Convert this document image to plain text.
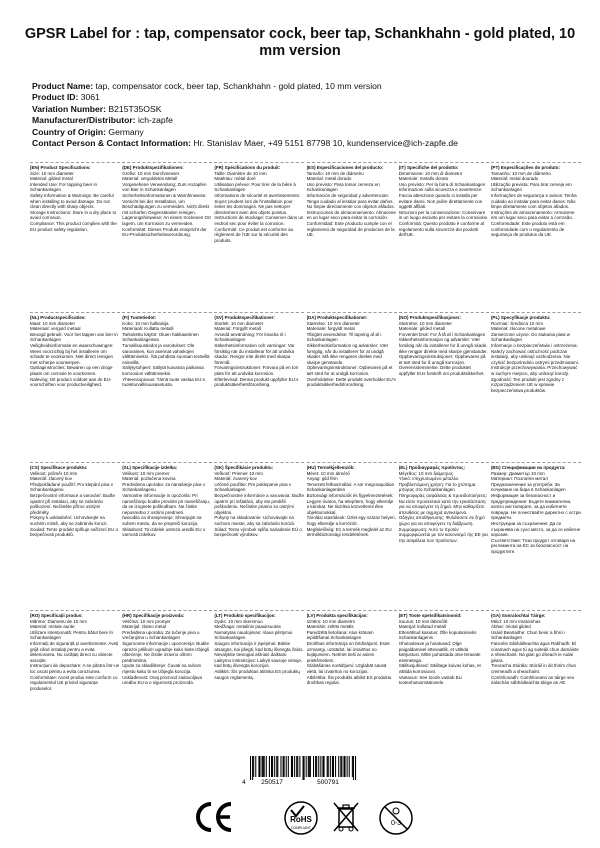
GPSR Label for : tap, compensator cock, beer tap, Schankhahn - gold plated, 10 mm version
Product Name: tap, compensator cock, beer tap, Schankhahn - gold plated, 10 mm version
Product ID: 3061
Variation Number: B215T35OSK
Manufacturer/Distributor: ich-zapfe
Country of Origin: Germany
Contact Person & Contact Information: Hr. Stanislav Maer, +49 5151 87798 10, kundenservice@ich-zapfe.de

(EN) Product Specifications:

Size: 10 mm diameter
Material: gilded metal
Intended Use: For tapping beer in Schankanlagen
Safety Information & Warnings: Be careful when installing to avoid damage. Do not clean directly with sharp objects.
Storage Instructions: Store in a dry place to avoid corrosion.
Compliance: This product complies with the EU product safety regulation.

(DE) Produktspezifikationen:

Größe: 10 mm Durchmesser
Material: vergoldetes Metall
Vorgesehene Verwendung: Zum Anzapfen von Bier in Schankanlagen
Sicherheitsinformationen & Warnhinweise: Vorsicht bei der Installation, um Beschädigungen zu vermeiden. Nicht direkt mit scharfen Gegenständen reinigen.
Lagerungshinweise: An einem trockenen Ort lagern, um Korrosion zu vermeiden.
Konformität: Dieses Produkt entspricht der EU-Produktsicherheitsverordnung.

(FR) Spécifications du produit:

Taille: Diamètre de 10 mm
Matériau: métal doré
Utilisation prévue: Pour tirer de la bière à Schankanlagen
Informations de sécurité et avertissements: Soyez prudent lors de l'installation pour éviter les dommages. Ne pas nettoyer directement avec des objets pointus.
Instructions de stockage: Conserver dans un endroit sec pour éviter la corrosion.
Conformité: Ce produit est conforme au règlement de l'UE sur la sécurité des produits.

(ES) Especificaciones del producto:

Tamaño: 10 mm de diámetro
Material: metal dorado
Uso previsto: Para tomar cerveza en Schankanlagen
Información de seguridad y advertencias: Tenga cuidado al instalar para evitar daños. No limpie directamente con objetos afilados.
Instrucciones de almacenamiento: Almacene en un lugar seco para evitar la corrosión.
Conformidad: Este producto cumple con el reglamento de seguridad de productos de la UE.

(IT) Specifiche del prodotto:

Dimensione: 10 mm di diametro
Materiale: metallo dorato
Uso previsto: Per la birra di Schankanlagen
Informazioni sulla sicurezza e avvertenze: Faccia attenzione quando si installa per evitare danni. Non pulire direttamente con oggetti affilati.
Istruzioni per la conservazione: Conservare in un luogo asciutto per evitare la corrosione.
Conformità: Questo prodotto è conforme al regolamento sulla sicurezza dei prodotti dell'UE.

(PT) Especificações do produto:

Tamanho: 10 mm de diâmetro
Material: metal dourado
Utilização prevista: Para tirar cerveja em Schankanlagen
Informações de segurança e avisos: Tenha cuidado ao instalar para evitar danos. Não limpe diretamente com objetos afiados.
Instruções de armazenamento: Armazene em um lugar seco para evitar a corrosão.
Conformidade: Este produto está em conformidade com o regulamento de segurança de produtos da UE.

(NL) Productspecificaties:

Maat: 10 mm diameter
Materiaal: verguld metaal
Beoogd gebruik: Voor het tappen van bier in Schankanlagen
Veiligheidsinformatie en waarschuwingen: Wees voorzichtig bij het installeren om schade te voorkomen. Niet direct reinigen met scherpe voorwerpen.
Opslaginstructies: Bewaren op een droge plaats om corrosie te voorkomen.
Naleving: Dit product voldoet aan de EU-voorschriften voor productveiligheid.

(FI) Tuotetiedot:

Koko: 10 mm halkaisija
Materiaali: Kullattu metalli
Tarkoitettu käyttö: Oluen hakkaaminen Schankanlageissa
Turvallisuustiedot ja varoitukset: Ole varovainen, kun asennat vahinkojen välttämiseksi. Älä puhdista suoraan terävillä esineillä.
Säilytysohjeet: Säilytä kuivassa paikassa korroosion välttämiseksi.
Yhteensopivuus: Tämä tuote vastaa EU:n tuoteturvallisuusasetusta.

(SV) Produktspecifikationer:

Storlek: 10 mm diameter
Material: Förgyllt metall
Avsedd användning: För knacka öl i Schankanlagen
Säkerhetsinformation och varningar: Var försiktig när du installerar för att undvika skador. Rengör inte direkt med skarpa föremål.
Förvaringsinstruktioner: Förvara på en torr plats för att undvika korrosion.
Efterlevnad: Denna produkt uppfyller EU:s produktsäkerhetsförordning.

(DA) Produktspecifikationer:

Størrelse: 10 mm diameter
Materiale: forgyldt metal
Tilsigtet anvendelse: Til tapning af øl i Schankanlagen
Sikkerhedsinformation og advarsler: Vær forsigtig, når du installerer for at undgå skader. Må ikke rengøres direkte med skarpe genstande.
Opbevaringsinstruktioner: Opbevares på et tørt sted for at undgå korrosion.
Overholdelse: Dette produkt overholder EU's produktsikkerhedsforordning.

(NO) Produktspesifikasjoner:

Størrelse: 10 mm diameter
Materiale: gilded metall
Forventet bruk: For å tå øl i Schankanlagen
Sikkerhetsinformasjon og advarsler: Vær forsiktig når du installerer for å unngå skade. Ikke rengjør direkte med skarpe gjenstander.
Oppbevaringsinstruksjoner: Oppbevares på et tørt sted for å unngå korrosjon.
Overensstemmelse: Dette produktet oppfyller EUs forskrift om produktsikkerhet.

(PL) Specyfikacje produktu:

Rozmiar: Średnica 10 mm
Materiał: złocone metalowe
Zamierzone użycie: Do stukania piwa w Schankanlagen
Informacje o bezpieczeństwie i ostrzeżenia: Należy zachować ostrożność podczas instalacji, aby uniknąć uszkodzenia. Nie czyścić bezpośrednio ostrymi przedmiotami.
Instrukcje przechowywania: Przechowywać w suchym miejscu, aby uniknąć korozji.
Zgodność: Ten produkt jest zgodny z rozporządzeniem UE w sprawie bezpieczeństwa produktów.

(CS) Specifikace produktu:

Velikost: průměr 10 mm
Materiál: zlacený kov
Předpokládané použití: Pro klepání piva v Schankanlagenu
Bezpečnostní informace a varování: Buďte opatrní při instalaci, aby se zabránilo poškození. Nečistěte přímo ostrými předměty.
Pokyny k uskladnění: Uchovávejte na suchém místě, aby se zabránilo korozi.
Soulad: Tento produkt splňuje nařízení EU o bezpečnosti produktů.

(SL) Specifikacije izdelka:

Velikost: 10 mm premer
Material: pozlačena kovina
Predvidena uporaba: za nanašanje piva v Schankanlagenu
Varnostne informacije in opozorila: Pri nameščanju bodite previdni pri nameščanju, da se izognete poškodbam. Ne čistite neposredno z ostrimi predmeti.
Navodila za shranjevanje: Shranjujte na suhem mestu, da se prepreči korozija.
Skladnost: Ta izdelek ustreza uredbi EU o varnosti izdelkov.

(SK) Špecifikácie produktu:

Veľkosť: Priemer 10 mm
Materiál: zvarený kov
Určené použitie: Pre poklepanie piva v Schankanlagen
Bezpečnostné informácie a varovania: Buďte opatrní pri inštalácii, aby ste predišli poškodeniu. Nečistite priamo so ostrými objektmi.
Pokyny na skladovanie: Uchovávajte na suchom mieste, aby sa zabránilo korózii.
Súlad: Tento výrobok spĺňa nariadenie EÚ o bezpečnosti výrobkov.

(HU) Termékjellemzők:

Méret: 10 mm átmérő
Anyag: gild fém
Tervezett felhasználás: A sör megcsapolása Schankanlagenben
Biztonsági információk és figyelmeztetések: Legyen óvatos, ha telepítem, hogy elkerülje a károkat. Ne tisztítsa közvetlenül éles objektumokkal.
Tárolási utasítások: Üzlet egy száraz helyen, hogy elkerülje a korróziót.
Megfelelőség: Ez a termék megfelel az EU termékbiztonsági rendeletének.

(EL) Προδιαγραφές προϊόντος:

Μέγεθος: 10 mm διάμετρος
Υλικό: επιχρυσωμένο μέταλλο
Προβλεπόμενη χρήση: Για το χτύπημα μπύρας στο Schankanlagen
Πληροφορίες ασφάλειας & προειδοποιήσεις: Να είστε προσεκτικοί κατά την εγκατάσταση για να αποφύγετε τη ζημιά. Μην καθαρίζετε απευθείας με αιχμηρά αντικείμενα.
Οδηγίες αποθήκευσης: Φυλάσσετε σε ξηρό χώρο για να αποφύγετε τη διάβρωση.
Συμμόρφωση: Αυτό το προϊόν συμμορφώνεται με τον κανονισμό της ΕΕ για την ασφάλεια των προϊόντων.

(BG) Спецификации на продукта:

Размер: Диаметър 10 mm
Материал: Позлатен метал
Предназначение за употреба: За почукване на бира в Schankanlagen
Информация за безопасност и предупреждения: Бъдете внимателни, когато инсталирате, за да избегнете повреда. Не почиствайте директно с остри предмети.
Инструкции за съхранение: Да се съхранява на сухо място, за да се избегне корозия.
Съответствие: Този продукт отговаря на регламента на ЕС за безопасност на продуктите.

(RO) Specificații produs:

Mărime: Diametru de 10 mm
Material: metale aurite
Utilizare intenționată: Pentru bătut bere în Schankanlagen
Informații de siguranță și avertismente: Aveți grijă când instalați pentru a evita deteriorarea. Nu curățați direct cu obiecte ascuțite.
Instrucțiuni de depozitare: A se păstra într-un loc uscat pentru a evita coroziunea.
Conformitate: Acest produs este conform cu regulamentul UE privind siguranța produselor.

(HR) Specifikacije proizvoda:

Veličina: 10 mm promjer
Materijal: zlatno metal
Predviđena uporaba: Za tučenje piva u vrečanjima u Schankanlagen
Sigurnosne informacije i upozorenja: Budite oprezni prilikom ugradnje kako biste izbjegli oštećenje. Ne čistite izravno oštrim predmetima.
Upute za skladištenje: Čuvati na suhom mjestu kako bi se izbjegla korozija.
Usklađenost: Ovaj proizvod zadovoljava uredbu EU-a o sigurnosti proizvoda.

(LT) Produkto specifikacijos:

Dydis: 10 mm skersmuo
Medžiaga: metalinis paauksuotas
Numatytas naudojimas: Alaus pilstymui Schankanlagen
Saugos informacija ir įspėjimai: Būkite atsargūs, kai įdiegti, kad būtų išvengta žalos. Nevalykite tiesiogiai aštriais daiktais.
Laikymo instrukcijos: Laikyti sausoje vietoje, kad būtų išvengta korozijos.
Atitiktis: Šis produktas atitinka ES produktų saugos reglamentą.

(LV) Produkta specifikācijas:

Izmērs: 10 mm diametrs
Materiāls: zeltīts metāls
Paredzētā lietošana: Alus krānam iepildīšanai Schankanlagen
Drošības informācija un brīdinājumi: Esiet uzmanīgi, uzstādot, lai izvairītos no bojājumiem. Netīriet tieši ar asiem priekšmetiem.
Glabāšanas norādījumi: Uzglabāt sausā vietā, lai izvairītos no korozijas.
Atbilstība: Šis produkts atbilst ES produktu drošības regulai.

(ET) Toote spetsifikatsioonid:

Suurus: 10 mm läbimõõt
Materjal: kullatud metall
Ettenähtud kasutus: Õlle koputamiseks Schankanlagenis
Ohutusteave ja hoiatused: Olge paigaldamisel ettevaatlik, et vältida kahjustusi. Mitte puhastada otse teravate esemetega.
Säilitusjuhised: Säilitage kuivas kohas, et vältida korrosiooni.
Vastavus: See toode vastab ELi tooteohutusmäärusele.

(GA) Sonraíochtaí Táirge:

Méid: 10 mm trastomhas
Ábhar: miotal gilded
Úsáid Beartaithe: Chun beoir a bhrú i Schankanlagen
Faisnéis Sábháilteachta agus Rabhadh: Bí cúramach agus tú ag suiteáil chun damáiste a sheachaint. Ná glan go díreach le rudaí géara.
Treoracha Stórála: Stóráil in áit thirim chun creimeadh a sheachaint.
Comhlíonadh: Comhlíonann an táirge seo rialachán sábháilteachta táirge an AE.

4 250517	500791
CE
RoHS
COMPLIANT
0-3
